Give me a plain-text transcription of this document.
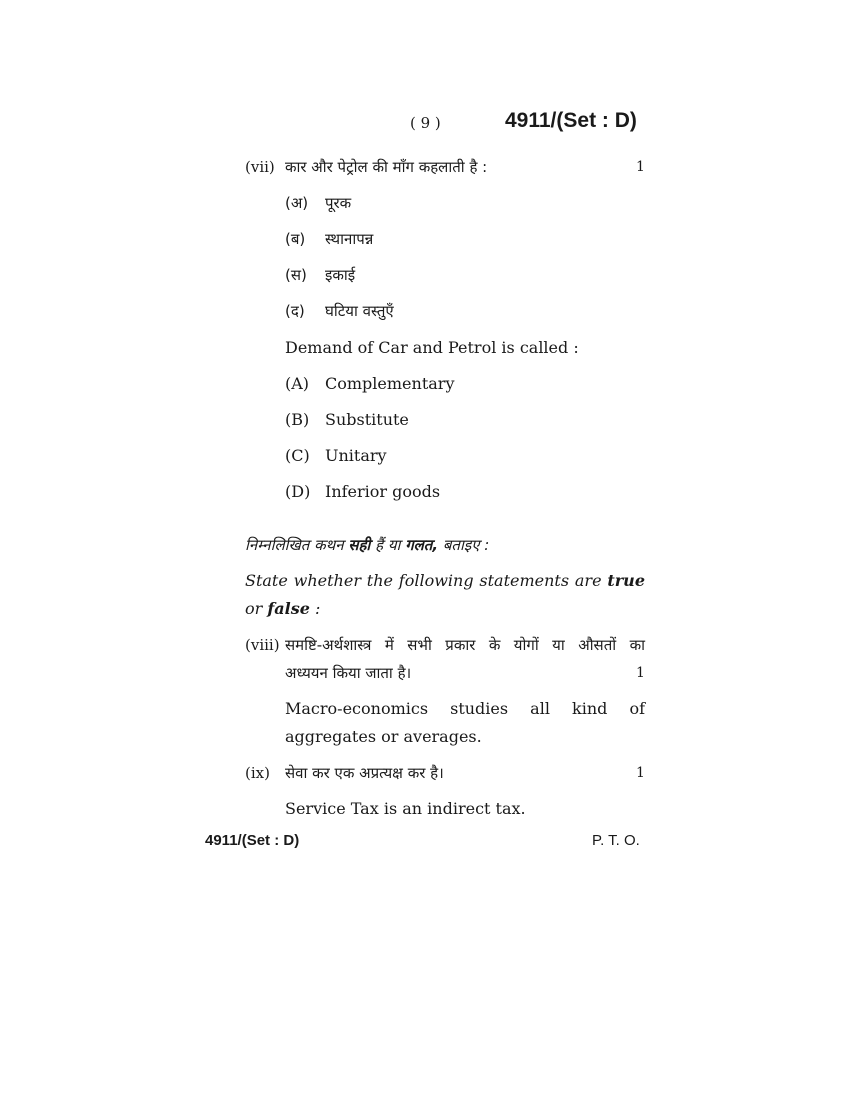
( 9 )	4911/(Set : D)
(vii) कार और पेट्रोल की माँग कहलाती है :	1
(अ) पूरक
(ब) स्थानापन्न
(स) इकाई
(द) घटिया वस्तुएँ
Demand of Car and Petrol is called :
(A) Complementary
(B) Substitute
(C) Unitary
(D) Inferior goods
निम्नलिखित कथन सही हैं या गलत, बताइए :
State whether the following statements are true
or false :
(viii) समष्टि-अर्थशास्त्र में सभी प्रकार के योगों या औसतों का
अध्ययन किया जाता है।	1
Macro-economics studies all kind of
aggregates or averages.
(ix) सेवा कर एक अप्रत्यक्ष कर है।	1
Service Tax is an indirect tax.
4911/(Set : D)	P. T. O.
